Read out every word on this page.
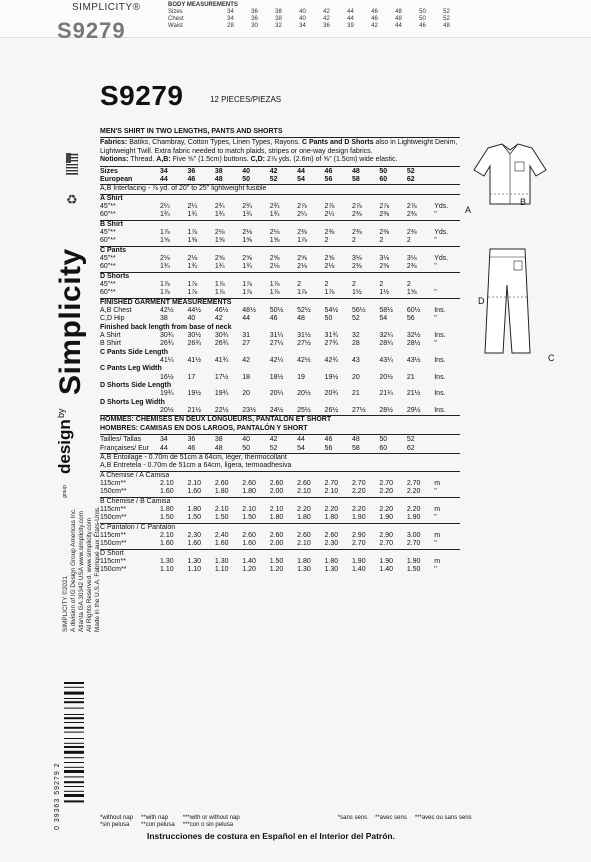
SIMPLICITY®
S9279
BODY MEASUREMENTS
Sizes	34	36	38	40	42	44	46	48	50	52
Chest	34	36	38	40	42	44	46	48	50	52
Waist	28	30	32	34	36	39	42	44	46	48
♻
Simplicity
by
design
group
SIMPLICITY ©2021 A division of IG Design Group Americas Inc. Atlanta GA 30342 USA www.simplicity.com All Rights Reserved. www.simplicity.com Made in the U.S.A. Fabriqué aux États-Unis.
0 39363 59279 2
S9279	12 PIECES/PIEZAS
MEN'S SHIRT IN TWO LENGTHS, PANTS AND SHORTS
Fabrics: Batiks, Chambray, Cotton Types, Linen Types, Rayons. C Pants and D Shorts also in Lightweight Denim, Lightweight Twill. Extra fabric needed to match plaids, stripes or one-way design fabrics.
Notions: Thread. A,B: Five ⅝" (1.5cm) buttons. C,D: 2⅞ yds. (2.6m) of ⅝" (1.5cm) wide elastic.
Sizes	34	36	38	40	42	44	46	48	50	52	
European	44	46	48	50	52	54	56	58	60	62	
A,B Interfacing - ⅞ yd. of 20" to 25" lightweight fusible
A Shirt
45"**	2¼	2¼	2¾	2¾	2¾	2⅞	2⅞	2⅞	2⅞	2⅞	Yds.
60"**	1¾	1¾	1¾	1¾	1¾	2¼	2¼	2⅜	2⅜	2⅜	"
B Shirt
45"**	1⅞	1⅞	2⅛	2⅛	2⅛	2⅜	2⅜	2⅜	2⅜	2⅜	Yds.
60"**	1⅝	1⅝	1⅝	1⅝	1⅝	1⅞	2	2	2	2	"
C Pants
45"**	2⅛	2⅛	2⅝	2⅝	2⅝	2⅝	2⅝	3⅛	3⅛	3⅛	Yds.
60"**	1¾	1¾	1¾	1¾	2⅛	2⅛	2⅛	2⅜	2⅜	2⅜	"
D Shorts
45"**	1⅞	1⅞	1⅞	1⅞	1⅞	2	2	2	2	2	
60"**	1⅞	1⅞	1⅞	1⅞	1⅞	1⅞	1⅞	1½	1½	1⅝	"
FINISHED GARMENT MEASUREMENTS
A,B Chest	42½	44½	46½	48½	50½	52½	54½	56½	58½	60½	Ins.
C,D Hip	38	40	42	44	46	48	50	52	54	56	"
Finished back length from base of neck
A Shirt	30¾	30½	30¾	31	31¼	31½	31¾	32	32¼	32½	Ins.
B Shirt	26¾	26¾	26¾	27	27¼	27½	27¾	28	28¼	28½	"
C Pants Side Length
	41¼	41½	41¾	42	42¼	42½	42¾	43	43¼	43½	Ins.
C Pants Leg Width
	16½	17	17½	18	18½	19	19½	20	20½	21	Ins.
D Shorts Side Length
	19¾	19½	19¾	20	20¼	20½	20¾	21	21¼	21½	Ins.
D Shorts Leg Width
	20½	21½	22½	23½	24½	25½	26½	27½	28½	29½	Ins.
HOMMES: CHEMISES EN DEUX LONGUEURS, PANTALON ET SHORT
HOMBRES: CAMISAS EN DOS LARGOS, PANTALÓN Y SHORT
Tailles/ Tallas	34	36	38	40	42	44	46	48	50	52	
Françaises/ Eur	44	46	48	50	52	54	56	58	60	62	
A,B Entoilage - 0.70m de 51cm à 64cm, léger, thermocollant
A,B Entretela - 0.70m de 51cm a 64cm, ligera, termoadhesiva
A Chemise / A Camisa
115cm**	2.10	2.10	2.60	2.60	2.60	2.60	2.70	2.70	2.70	2.70	m
150cm**	1.60	1.60	1.80	1.80	2.00	2.10	2.10	2.20	2.20	2.20	"
B Chemise / B Camisa
115cm**	1.80	1.80	2.10	2.10	2.10	2.20	2.20	2.20	2.20	2.20	m
150cm**	1.50	1.50	1.50	1.50	1.80	1.80	1.80	1.90	1.90	1.90	"
C Pantalon / C Pantalón
115cm**	2.10	2.30	2.40	2.60	2.60	2.60	2.60	2.90	2.90	3.00	m
150cm**	1.60	1.60	1.60	1.60	2.00	2.10	2.30	2.70	2.70	2.70	"
D Short
115cm**	1.30	1.30	1.30	1.40	1.50	1.80	1.80	1.90	1.90	1.90	m
150cm**	1.10	1.10	1.10	1.20	1.20	1.30	1.30	1.40	1.40	1.50	"
*without nap	**with nap	***with or without nap	*sans sens	**avec sens	***avec ou sans sens
*sin pelusa	**con pelusa	***con o sin pelusa			
Instrucciones de costura en Español en el Interior del Patrón.
A
B
D
C
